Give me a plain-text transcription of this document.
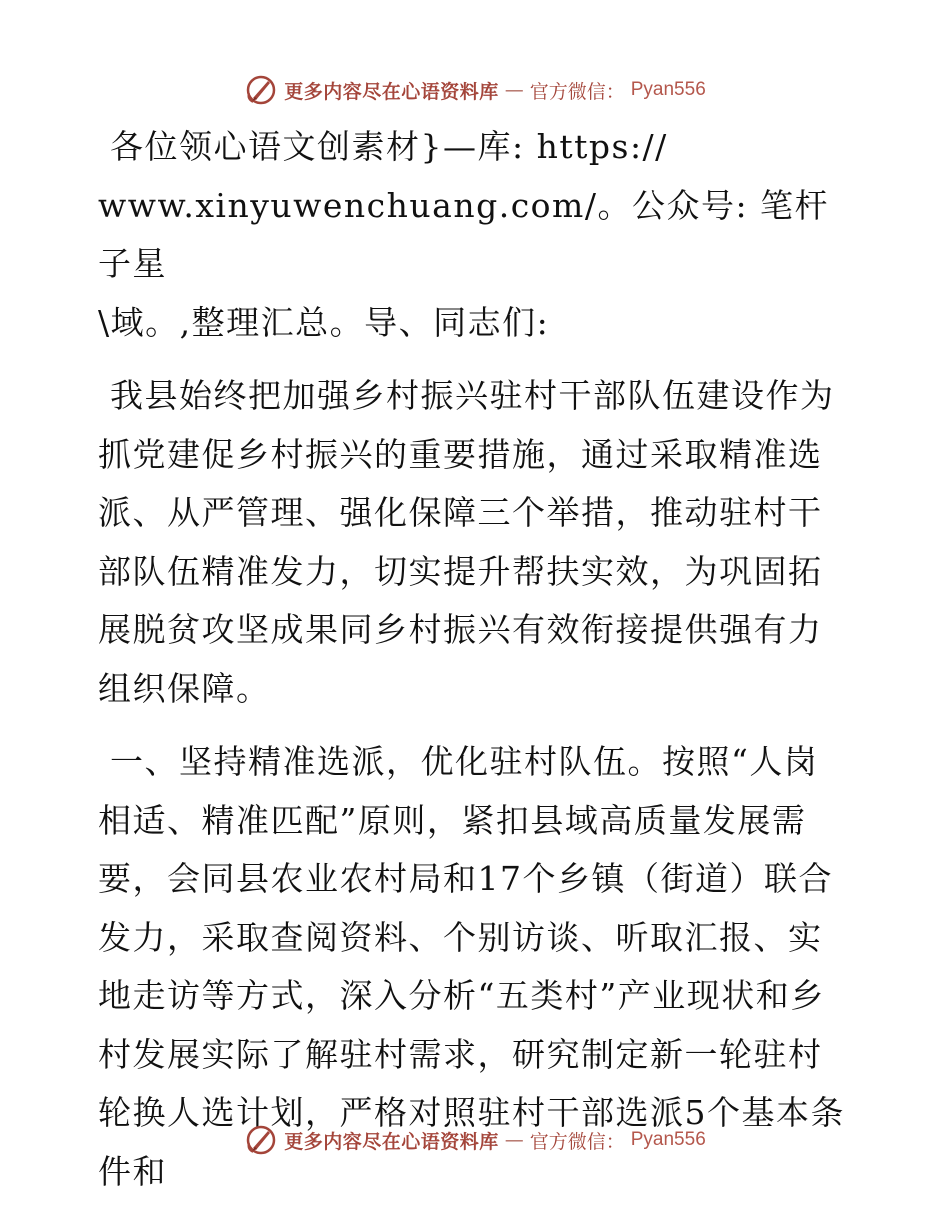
更多内容尽在心语资料库 — 官方微信： Pyan556

各位领心语文创素材}—库: https://
www.xinyuwenchuang.com/。公众号: 笔杆子星
\域。,整理汇总。导、同志们:

我县始终把加强乡村振兴驻村干部队伍建设作为抓党建促乡村振兴的重要措施，通过采取精准选派、从严管理、强化保障三个举措，推动驻村干部队伍精准发力，切实提升帮扶实效，为巩固拓展脱贫攻坚成果同乡村振兴有效衔接提供强有力组织保障。

一、坚持精准选派，优化驻村队伍。按照“人岗相适、精准匹配”原则，紧扣县域高质量发展需要，会同县农业农村局和17个乡镇（街道）联合发力，采取查阅资料、个别访谈、听取汇报、实地走访等方式，深入分析“五类村”产业现状和乡村发展实际了解驻村需求，研究制定新一轮驻村轮换人选计划，严格对照驻村干部选派5个基本条件和

更多内容尽在心语资料库 — 官方微信： Pyan556
